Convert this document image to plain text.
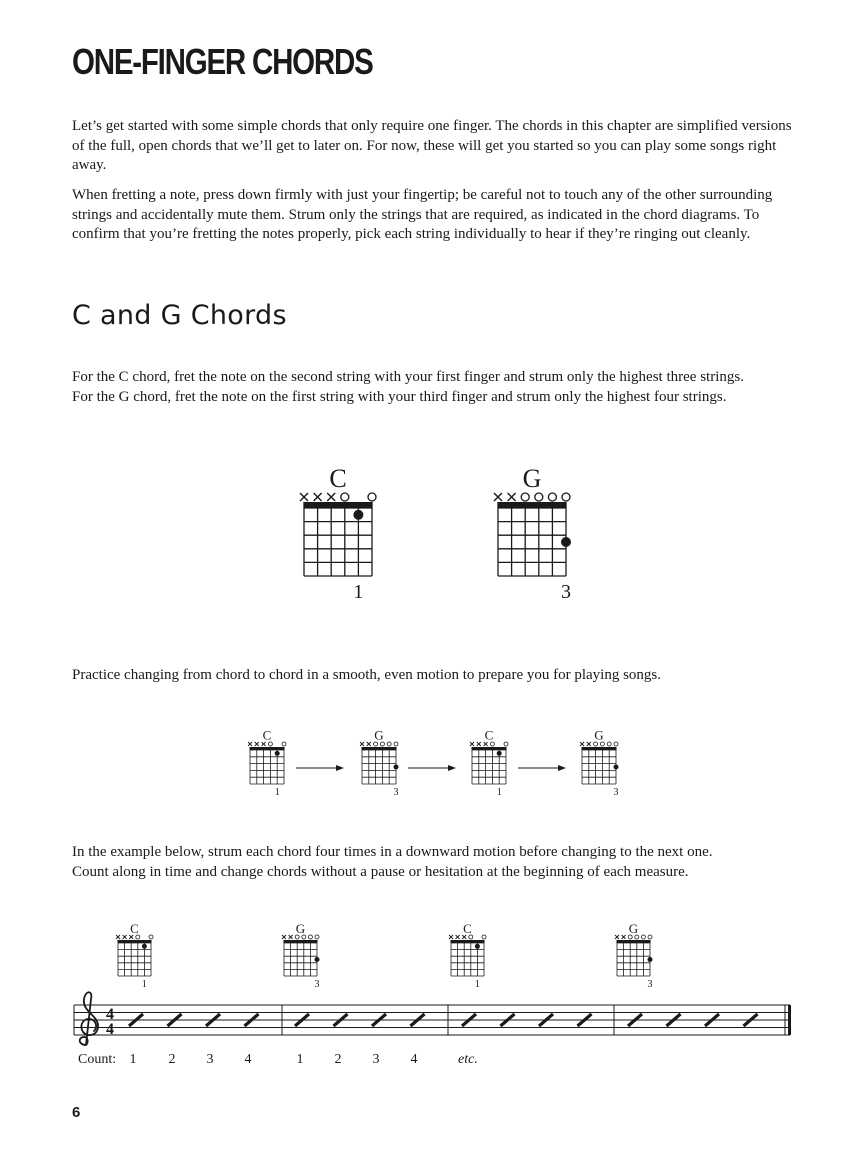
ONE-FINGER CHORDS

Let’s get started with some simple chords that only require one finger. The chords in this chapter are simplified versions of the full, open chords that we’ll get to later on. For now, these will get you started so you can play some songs right away.

When fretting a note, press down firmly with just your fingertip; be careful not to touch any of the other surrounding strings and accidentally mute them. Strum only the strings that are required, as indicated in the chord diagrams. To confirm that you’re fretting the notes properly, pick each string individually to hear if they’re ringing out cleanly.

C and G Chords

For the C chord, fret the note on the second string with your first finger and strum only the highest three strings.
For the G chord, fret the note on the first string with your third finger and strum only the highest four strings.

C
1
G
3

Practice changing from chord to chord in a smooth, even motion to prepare you for playing songs.

C
1
G
3
C
1
G
3

In the example below, strum each chord four times in a downward motion before changing to the next one.
Count along in time and change chords without a pause or hesitation at the beginning of each measure.

C
1
G
3
C
1
G
3
4
4
Count: 1 2 3 4	1 2 3 4	etc.
6
